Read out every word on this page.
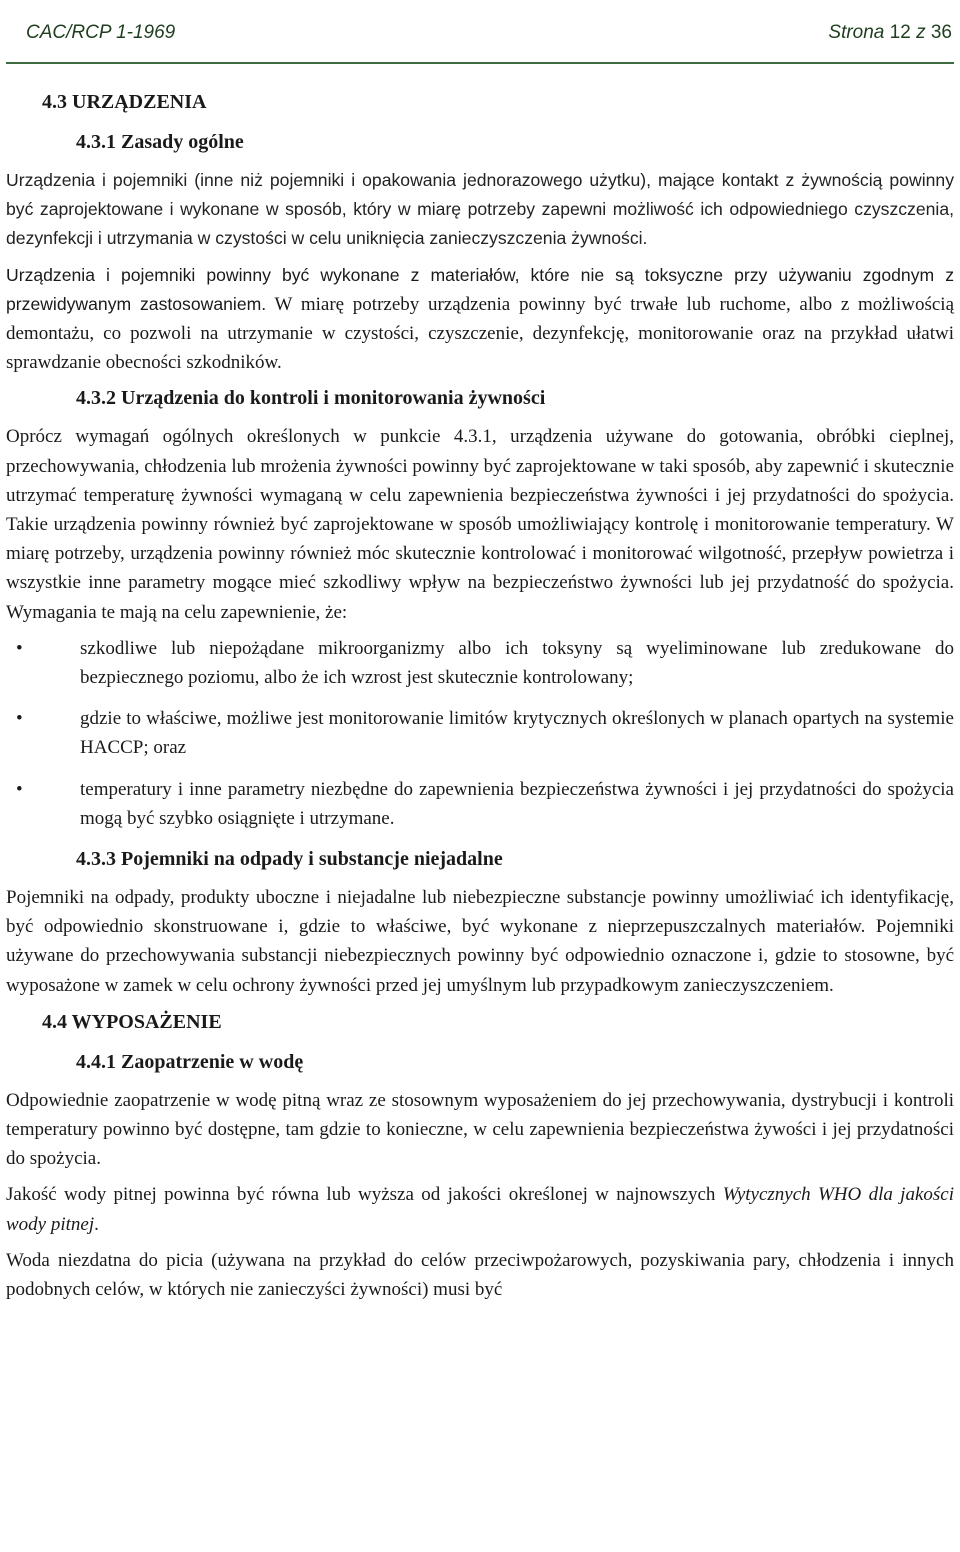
CAC/RCP 1-1969	Strona 12 z 36
4.3 URZĄDZENIA
4.3.1 Zasady ogólne

Urządzenia i pojemniki (inne niż pojemniki i opakowania jednorazowego użytku), mające kontakt z żywnością powinny być zaprojektowane i wykonane w sposób, który w miarę potrzeby zapewni możliwość ich odpowiedniego czyszczenia, dezynfekcji i utrzymania w czystości w celu uniknięcia zanieczyszczenia żywności.

Urządzenia i pojemniki powinny być wykonane z materiałów, które nie są toksyczne przy używaniu zgodnym z przewidywanym zastosowaniem. W miarę potrzeby urządzenia powinny być trwałe lub ruchome, albo z możliwością demontażu, co pozwoli na utrzymanie w czystości, czyszczenie, dezynfekcję, monitorowanie oraz na przykład ułatwi sprawdzanie obecności szkodników.

4.3.2 Urządzenia do kontroli i monitorowania żywności

Oprócz wymagań ogólnych określonych w punkcie 4.3.1, urządzenia używane do gotowania, obróbki cieplnej, przechowywania, chłodzenia lub mrożenia żywności powinny być zaprojektowane w taki sposób, aby zapewnić i skutecznie utrzymać temperaturę żywności wymaganą w celu zapewnienia bezpieczeństwa żywności i jej przydatności do spożycia. Takie urządzenia powinny również być zaprojektowane w sposób umożliwiający kontrolę i monitorowanie temperatury. W miarę potrzeby, urządzenia powinny również móc skutecznie kontrolować i monitorować wilgotność, przepływ powietrza i wszystkie inne parametry mogące mieć szkodliwy wpływ na bezpieczeństwo żywności lub jej przydatność do spożycia. Wymagania te mają na celu zapewnienie, że:

•	szkodliwe lub niepożądane mikroorganizmy albo ich toksyny są wyeliminowane lub zredukowane do bezpiecznego poziomu, albo że ich wzrost jest skutecznie kontrolowany;
•	gdzie to właściwe, możliwe jest monitorowanie limitów krytycznych określonych w planach opartych na systemie HACCP; oraz
•	temperatury i inne parametry niezbędne do zapewnienia bezpieczeństwa żywności i jej przydatności do spożycia mogą być szybko osiągnięte i utrzymane.
4.3.3 Pojemniki na odpady i substancje niejadalne

Pojemniki na odpady, produkty uboczne i niejadalne lub niebezpieczne substancje powinny umożliwiać ich identyfikację, być odpowiednio skonstruowane i, gdzie to właściwe, być wykonane z nieprzepuszczalnych materiałów. Pojemniki używane do przechowywania substancji niebezpiecznych powinny być odpowiednio oznaczone i, gdzie to stosowne, być wyposażone w zamek w celu ochrony żywności przed jej umyślnym lub przypadkowym zanieczyszczeniem.

4.4 WYPOSAŻENIE
4.4.1 Zaopatrzenie w wodę

Odpowiednie zaopatrzenie w wodę pitną wraz ze stosownym wyposażeniem do jej przechowywania, dystrybucji i kontroli temperatury powinno być dostępne, tam gdzie to konieczne, w celu zapewnienia bezpieczeństwa żywości i jej przydatności do spożycia.

Jakość wody pitnej powinna być równa lub wyższa od jakości określonej w najnowszych Wytycznych WHO dla jakości wody pitnej.

Woda niezdatna do picia (używana na przykład do celów przeciwpożarowych, pozyskiwania pary, chłodzenia i innych podobnych celów, w których nie zanieczyści żywności) musi być
